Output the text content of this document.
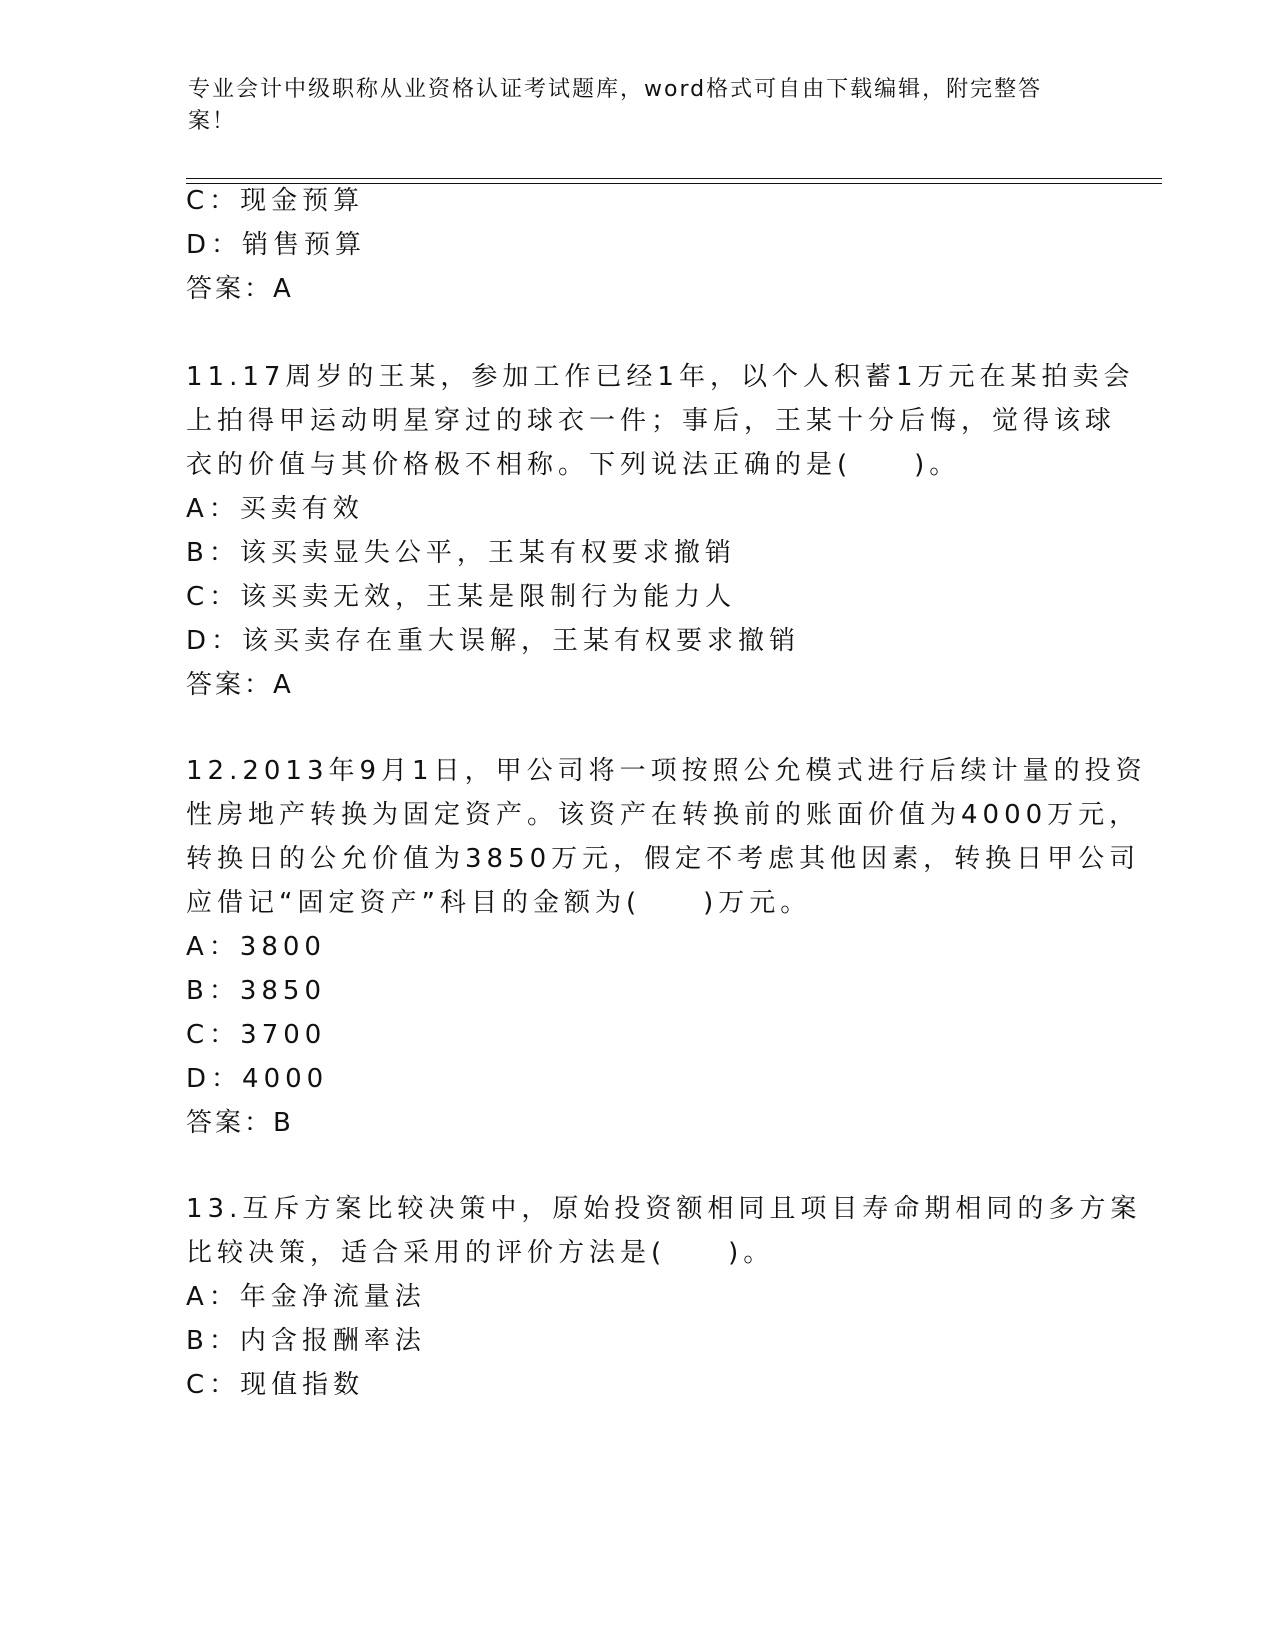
专业会计中级职称从业资格认证考试题库，word格式可自由下载编辑，附完整答
案！
C：现金预算
D：销售预算
答案：A
11.17周岁的王某，参加工作已经1年，以个人积蓄1万元在某拍卖会
上拍得甲运动明星穿过的球衣一件；事后，王某十分后悔，觉得该球
衣的价值与其价格极不相称。下列说法正确的是(　　)。
A：买卖有效
B：该买卖显失公平，王某有权要求撤销
C：该买卖无效，王某是限制行为能力人
D：该买卖存在重大误解，王某有权要求撤销
答案：A
12.2013年9月1日，甲公司将一项按照公允模式进行后续计量的投资
性房地产转换为固定资产。该资产在转换前的账面价值为4000万元，
转换日的公允价值为3850万元，假定不考虑其他因素，转换日甲公司
应借记“固定资产”科目的金额为(　　)万元。
A：3800
B：3850
C：3700
D：4000
答案：B
13.互斥方案比较决策中，原始投资额相同且项目寿命期相同的多方案
比较决策，适合采用的评价方法是(　　)。
A：年金净流量法
B：内含报酬率法
C：现值指数
